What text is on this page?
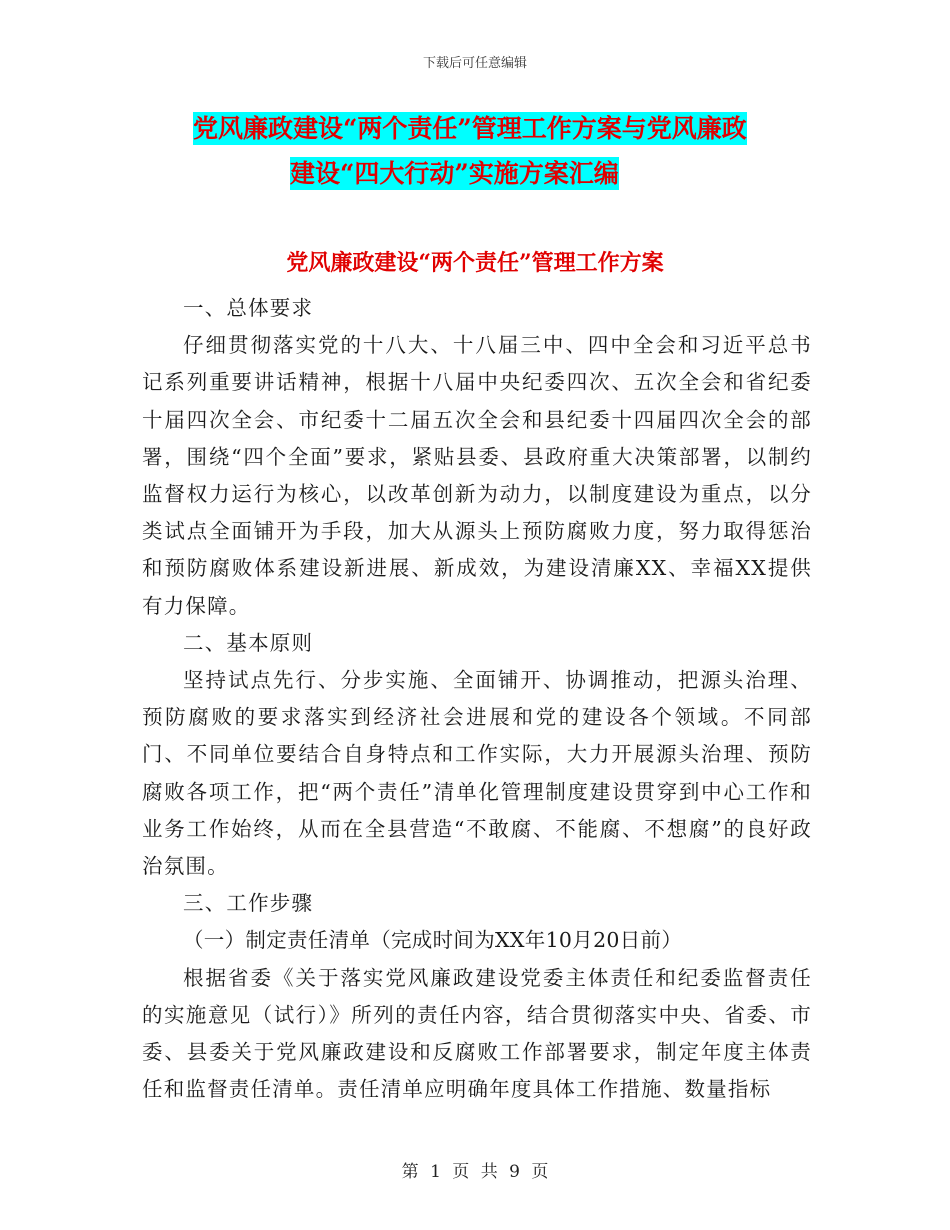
下载后可任意编辑
党风廉政建设“两个责任”管理工作方案与党风廉政
建设“四大行动”实施方案汇编
党风廉政建设“两个责任”管理工作方案

一、总体要求

仔细贯彻落实党的十八大、十八届三中、四中全会和习近平总书记系列重要讲话精神，根据十八届中央纪委四次、五次全会和省纪委十届四次全会、市纪委十二届五次全会和县纪委十四届四次全会的部署，围绕“四个全面”要求，紧贴县委、县政府重大决策部署，以制约监督权力运行为核心，以改革创新为动力，以制度建设为重点，以分类试点全面铺开为手段，加大从源头上预防腐败力度，努力取得惩治和预防腐败体系建设新进展、新成效，为建设清廉XX、幸福XX提供有力保障。

二、基本原则

坚持试点先行、分步实施、全面铺开、协调推动，把源头治理、预防腐败的要求落实到经济社会进展和党的建设各个领域。不同部门、不同单位要结合自身特点和工作实际，大力开展源头治理、预防腐败各项工作，把“两个责任”清单化管理制度建设贯穿到中心工作和业务工作始终，从而在全县营造“不敢腐、不能腐、不想腐”的良好政治氛围。

三、工作步骤

（一）制定责任清单（完成时间为XX年10月20日前）

根据省委《关于落实党风廉政建设党委主体责任和纪委监督责任的实施意见（试行）》所列的责任内容，结合贯彻落实中央、省委、市委、县委关于党风廉政建设和反腐败工作部署要求，制定年度主体责任和监督责任清单。责任清单应明确年度具体工作措施、数量指标

第 1 页 共 9 页
